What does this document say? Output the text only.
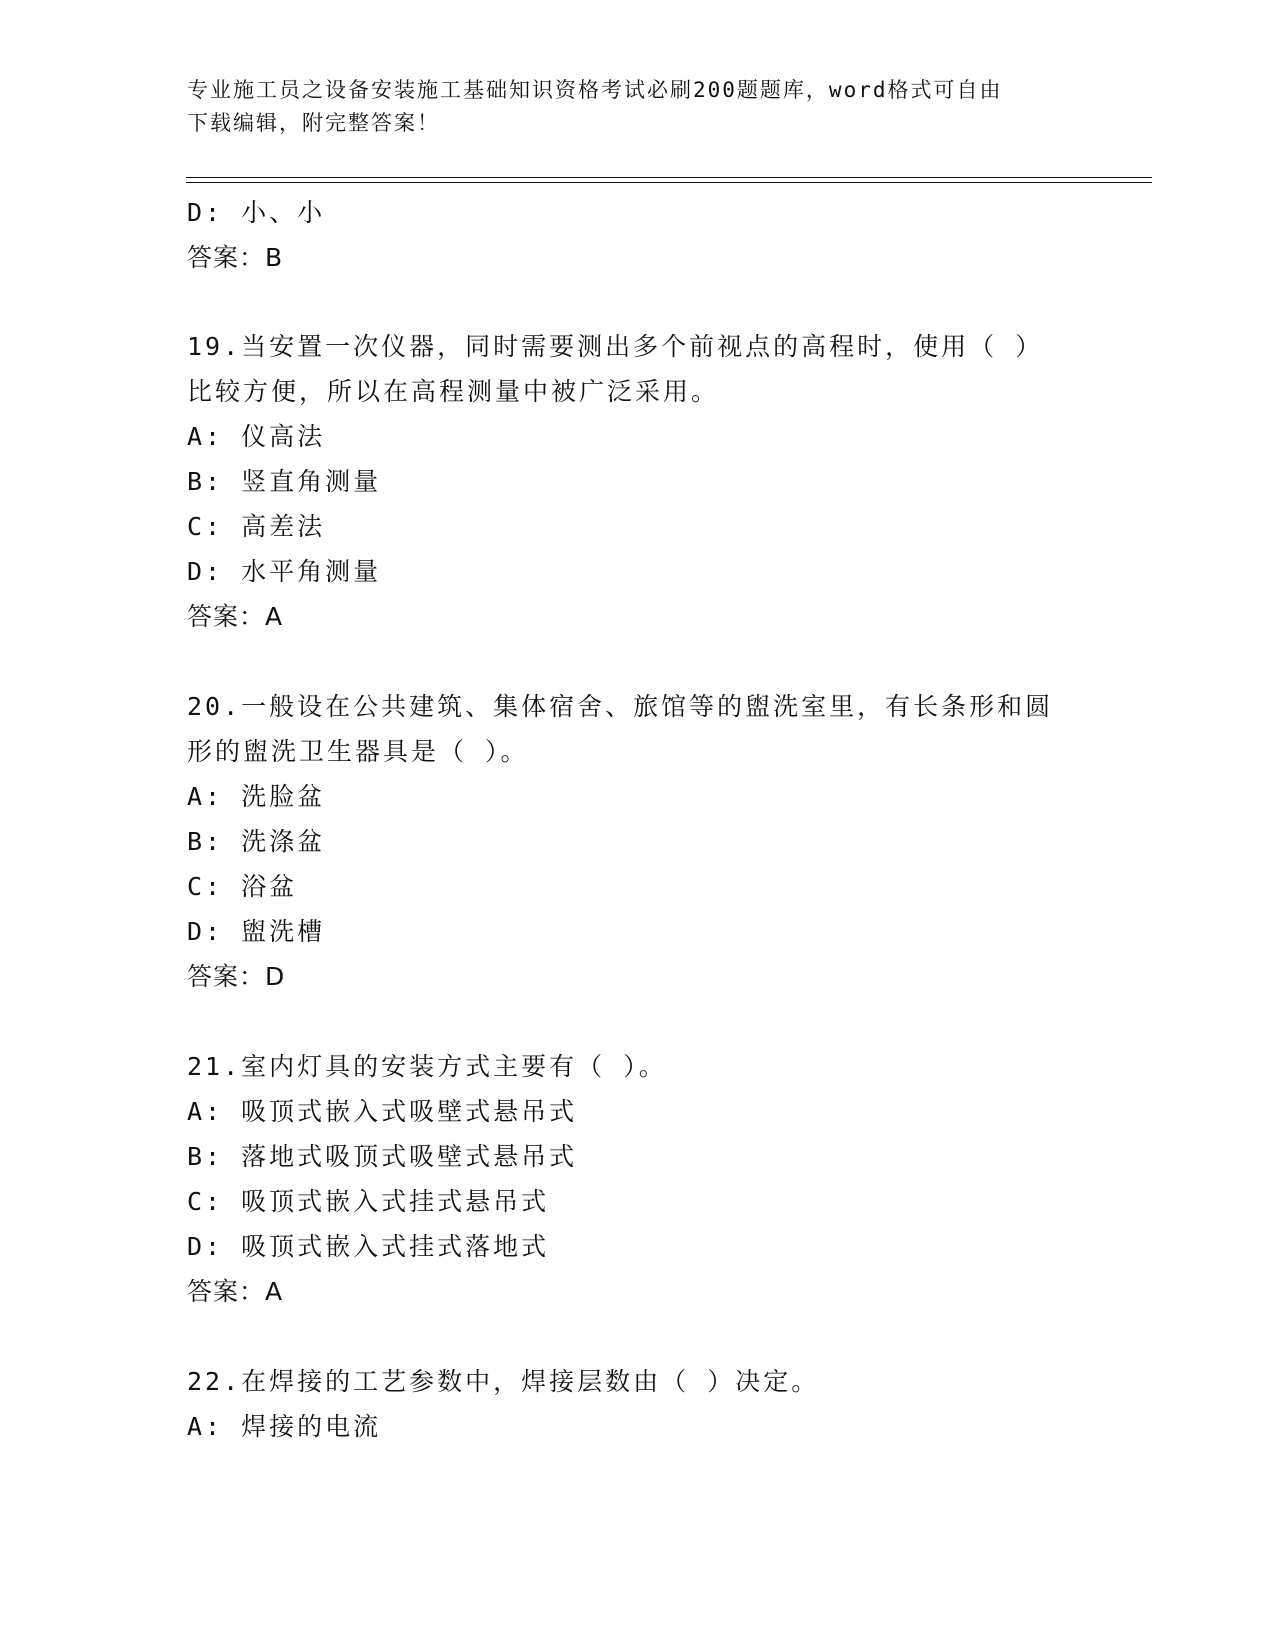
专业施工员之设备安装施工基础知识资格考试必刷200题题库，word格式可自由
下载编辑，附完整答案！
D: 小、小
答案：B
19.当安置一次仪器，同时需要测出多个前视点的高程时，使用（ ）
比较方便，所以在高程测量中被广泛采用。
A: 仪高法
B: 竖直角测量
C: 高差法
D: 水平角测量
答案：A
20.一般设在公共建筑、集体宿舍、旅馆等的盥洗室里，有长条形和圆
形的盥洗卫生器具是（ ）。
A: 洗脸盆
B: 洗涤盆
C: 浴盆
D: 盥洗槽
答案：D
21.室内灯具的安装方式主要有（ ）。
A: 吸顶式嵌入式吸壁式悬吊式
B: 落地式吸顶式吸壁式悬吊式
C: 吸顶式嵌入式挂式悬吊式
D: 吸顶式嵌入式挂式落地式
答案：A
22.在焊接的工艺参数中，焊接层数由（ ）决定。
A: 焊接的电流
